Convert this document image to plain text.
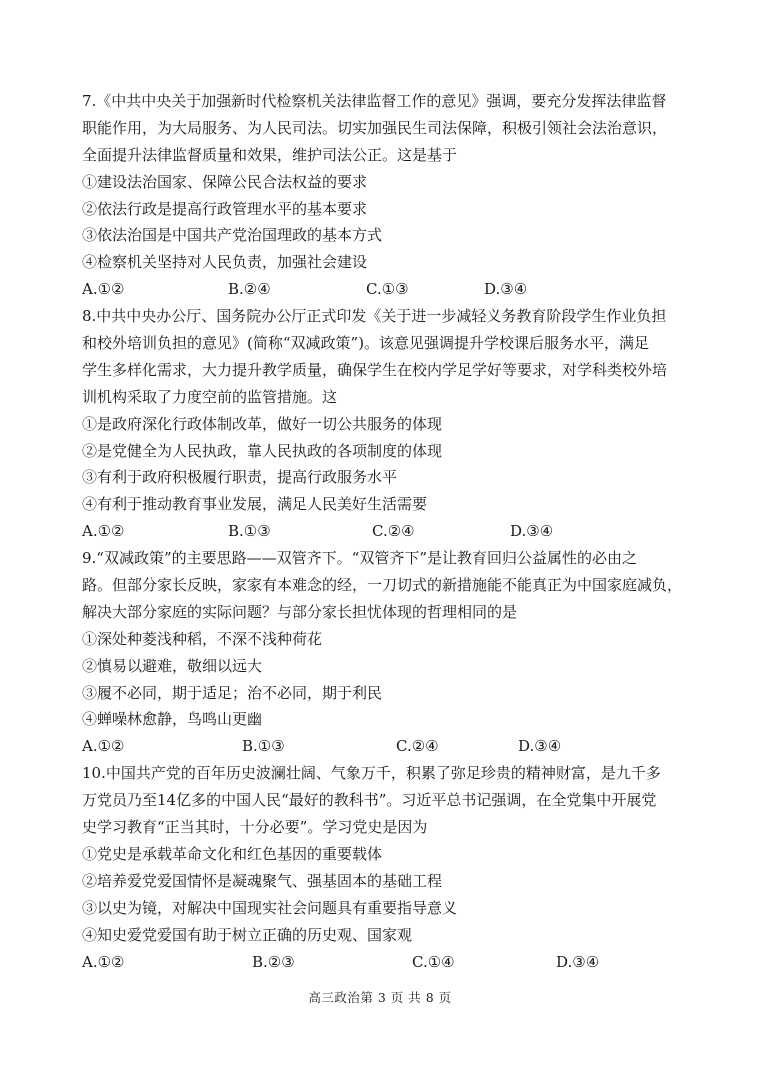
7.《中共中央关于加强新时代检察机关法律监督工作的意见》强调，要充分发挥法律监督
职能作用，为大局服务、为人民司法。切实加强民生司法保障，积极引领社会法治意识，
全面提升法律监督质量和效果，维护司法公正。这是基于
①建设法治国家、保障公民合法权益的要求
②依法行政是提高行政管理水平的基本要求
③依法治国是中国共产党治国理政的基本方式
④检察机关坚持对人民负责，加强社会建设
A.①②	B.②④	C.①③	D.③④
8.中共中央办公厅、国务院办公厅正式印发《关于进一步减轻义务教育阶段学生作业负担
和校外培训负担的意见》(简称“双减政策”)。该意见强调提升学校课后服务水平，满足
学生多样化需求，大力提升教学质量，确保学生在校内学足学好等要求，对学科类校外培
训机构采取了力度空前的监管措施。这
①是政府深化行政体制改革，做好一切公共服务的体现
②是党健全为人民执政，靠人民执政的各项制度的体现
③有利于政府积极履行职责，提高行政服务水平
④有利于推动教育事业发展，满足人民美好生活需要
A.①②	B.①③	C.②④	D.③④
9.“双减政策”的主要思路——双管齐下。“双管齐下”是让教育回归公益属性的必由之
路。但部分家长反映，家家有本难念的经，一刀切式的新措施能不能真正为中国家庭减负，
解决大部分家庭的实际问题？与部分家长担忧体现的哲理相同的是
①深处种菱浅种稻，不深不浅种荷花
②慎易以避难，敬细以远大
③履不必同，期于适足；治不必同，期于利民
④蝉噪林愈静，鸟鸣山更幽
A.①②	B.①③	C.②④	D.③④
10.中国共产党的百年历史波澜壮阔、气象万千，积累了弥足珍贵的精神财富，是九千多
万党员乃至14亿多的中国人民“最好的教科书”。习近平总书记强调，在全党集中开展党
史学习教育“正当其时，十分必要”。学习党史是因为
①党史是承载革命文化和红色基因的重要载体
②培养爱党爱国情怀是凝魂聚气、强基固本的基础工程
③以史为镜，对解决中国现实社会问题具有重要指导意义
④知史爱党爱国有助于树立正确的历史观、国家观
A.①②	B.②③	C.①④	D.③④
高三政治第 3 页 共 8 页
